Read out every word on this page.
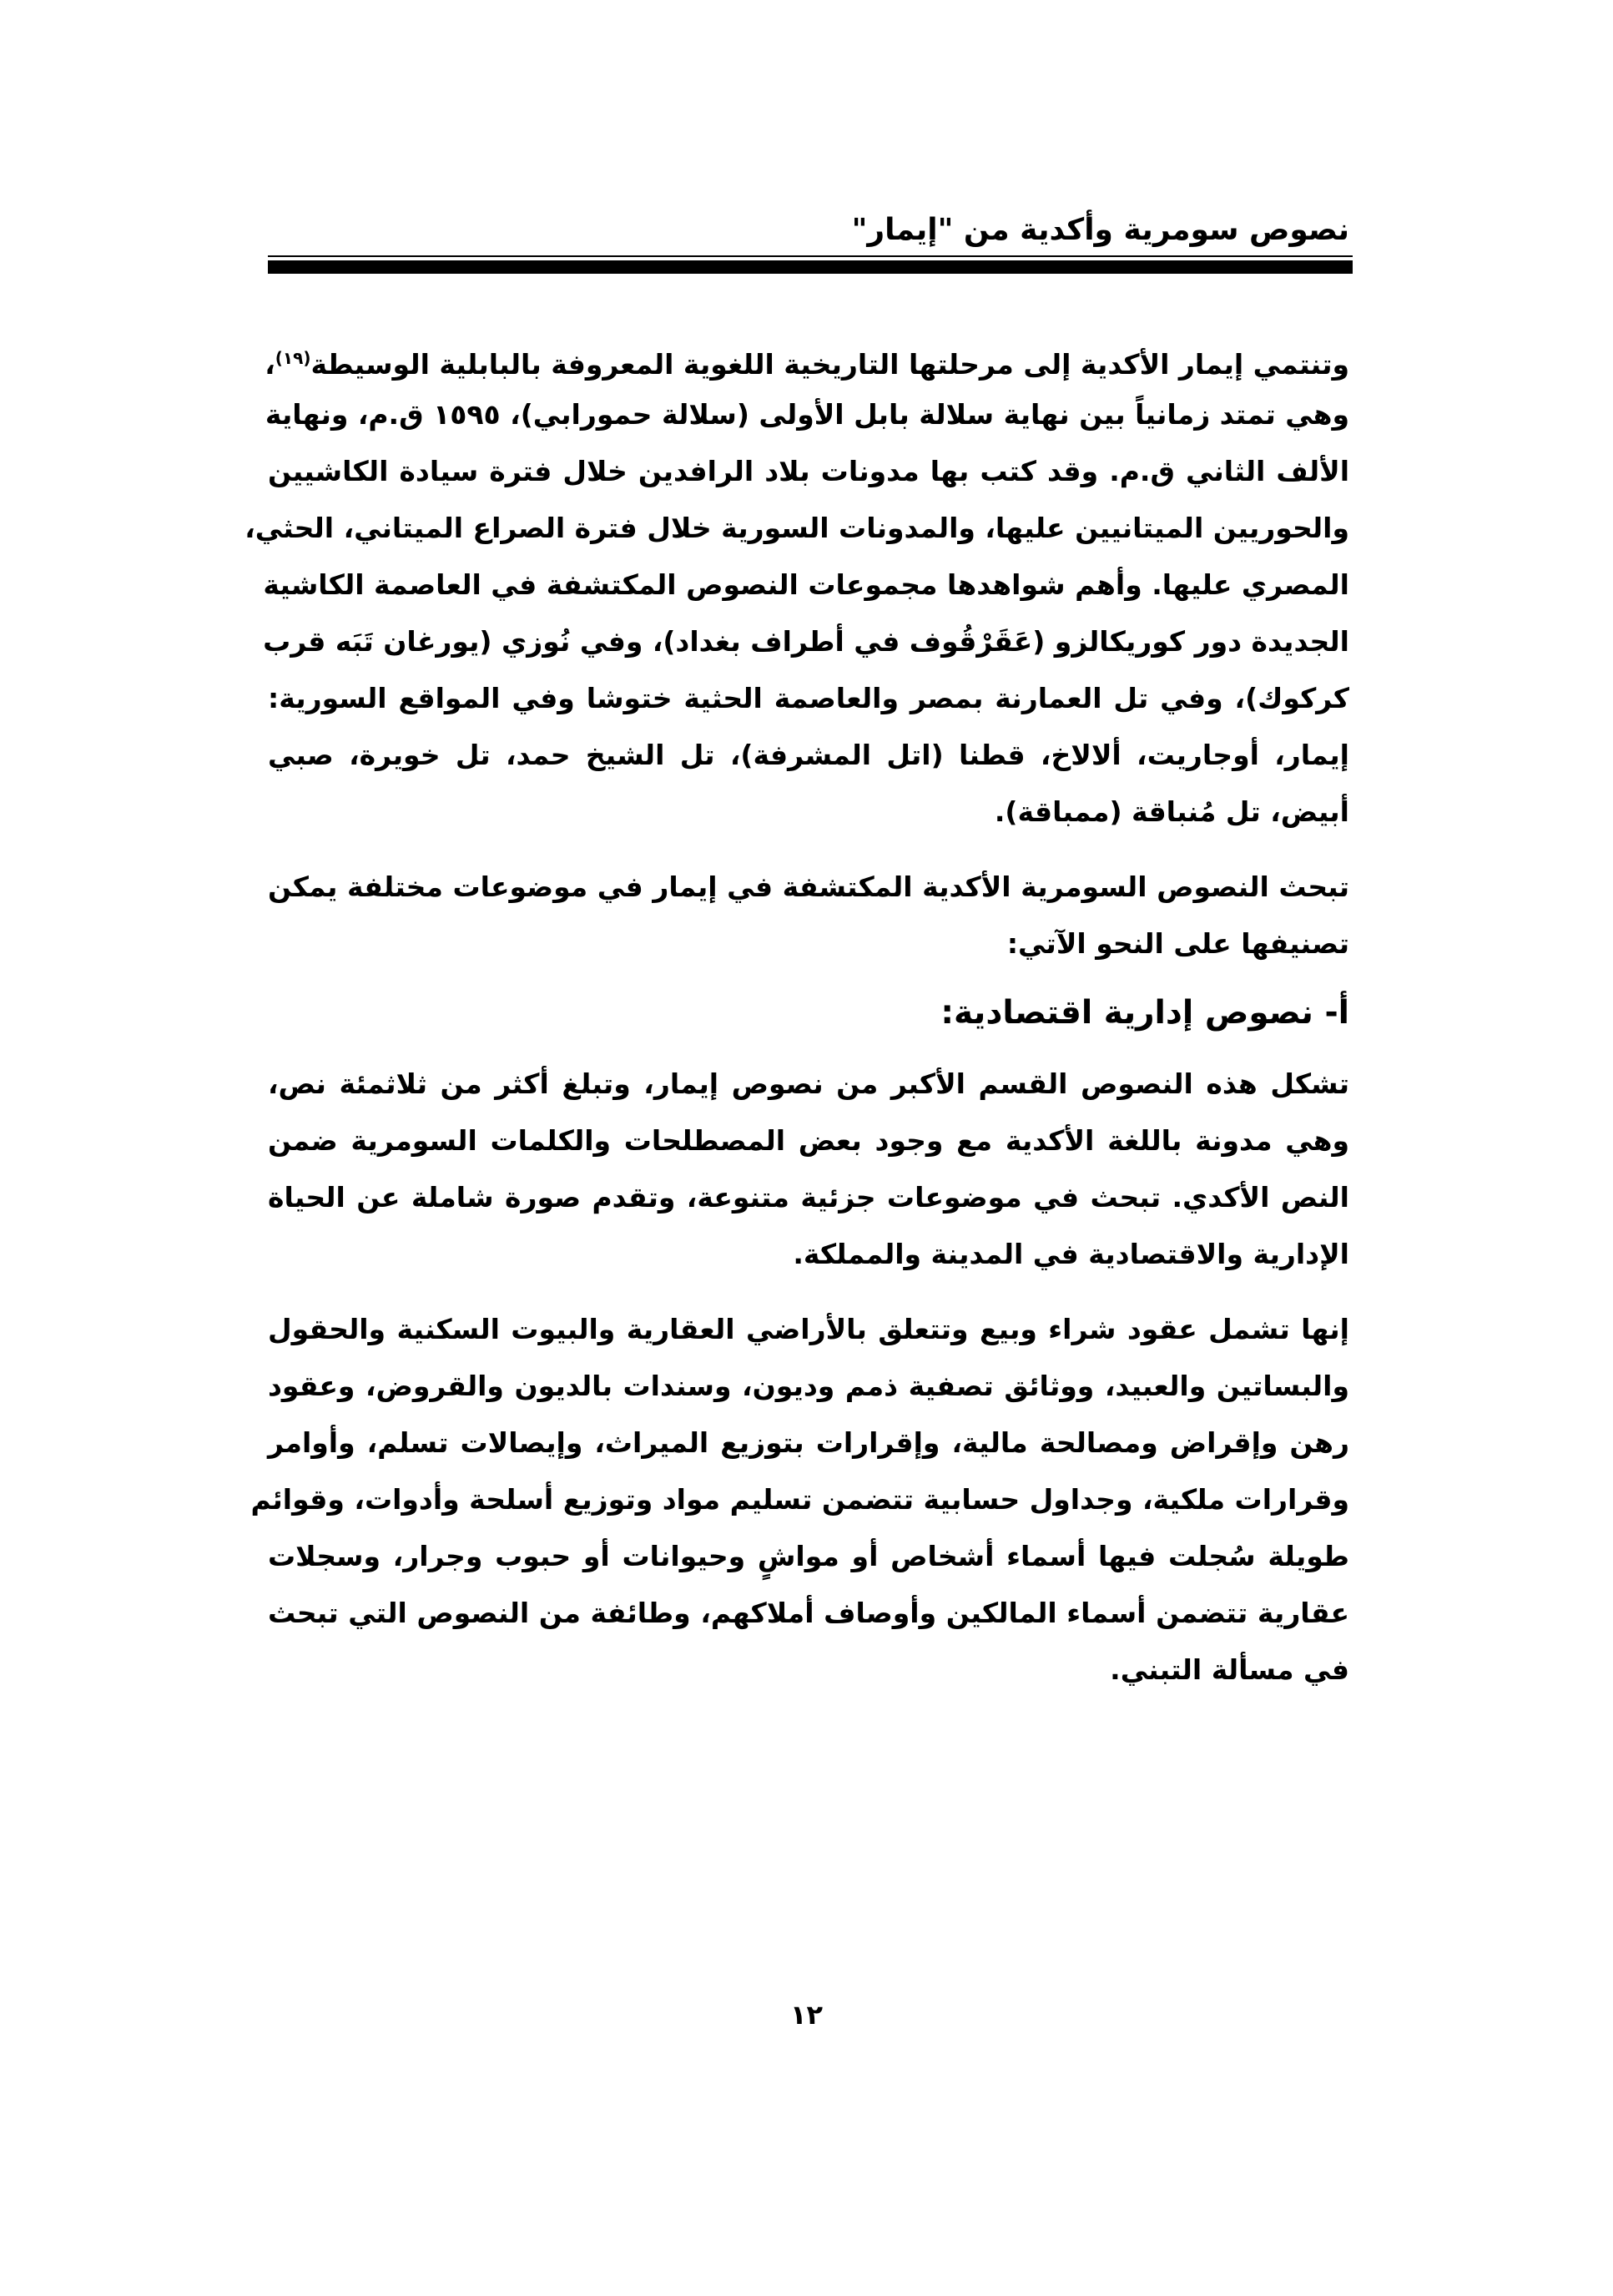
نصوص سومرية وأكدية من "إيمار"
وتنتمي إيمار الأكدية إلى مرحلتها التاريخية اللغوية المعروفة بالبابلية الوسيطة$^{(١٩)}$،
وهي تمتد زمانياً بين نهاية سلالة بابل الأولى (سلالة حمورابي)، ١٥٩٥ ق.م، ونهاية
الألف الثاني ق.م. وقد كتب بها مدونات بلاد الرافدين خلال فترة سيادة الكاشيين
والحوريين الميتانيين عليها، والمدونات السورية خلال فترة الصراع الميتاني، الحثي،
المصري عليها. وأهم شواهدها مجموعات النصوص المكتشفة في العاصمة الكاشية
الجديدة دور كوريكالزو (عَقَرْقُوف في أطراف بغداد)، وفي نُوزي (يورغان تَبَه قرب
كركوك)، وفي تل العمارنة بمصر والعاصمة الحثية ختوشا وفي المواقع السورية:
إيمار، أوجاريت، ألالاخ، قطنا (اتل المشرفة)، تل الشيخ حمد، تل خويرة، صبي
أبيض، تل مُنباقة (ممباقة).
تبحث النصوص السومرية الأكدية المكتشفة في إيمار في موضوعات مختلفة يمكن
تصنيفها على النحو الآتي:
أ- نصوص إدارية اقتصادية:
تشكل هذه النصوص القسم الأكبر من نصوص إيمار، وتبلغ أكثر من ثلاثمئة نص،
وهي مدونة باللغة الأكدية مع وجود بعض المصطلحات والكلمات السومرية ضمن
النص الأكدي. تبحث في موضوعات جزئية متنوعة، وتقدم صورة شاملة عن الحياة
الإدارية والاقتصادية في المدينة والمملكة.
إنها تشمل عقود شراء وبيع وتتعلق بالأراضي العقارية والبيوت السكنية والحقول
والبساتين والعبيد، ووثائق تصفية ذمم وديون، وسندات بالديون والقروض، وعقود
رهن وإقراض ومصالحة مالية، وإقرارات بتوزيع الميراث، وإيصالات تسلم، وأوامر
وقرارات ملكية، وجداول حسابية تتضمن تسليم مواد وتوزيع أسلحة وأدوات، وقوائم
طويلة سُجلت فيها أسماء أشخاص أو مواشٍ وحيوانات أو حبوب وجرار، وسجلات
عقارية تتضمن أسماء المالكين وأوصاف أملاكهم، وطائفة من النصوص التي تبحث
في مسألة التبني.
١٢
